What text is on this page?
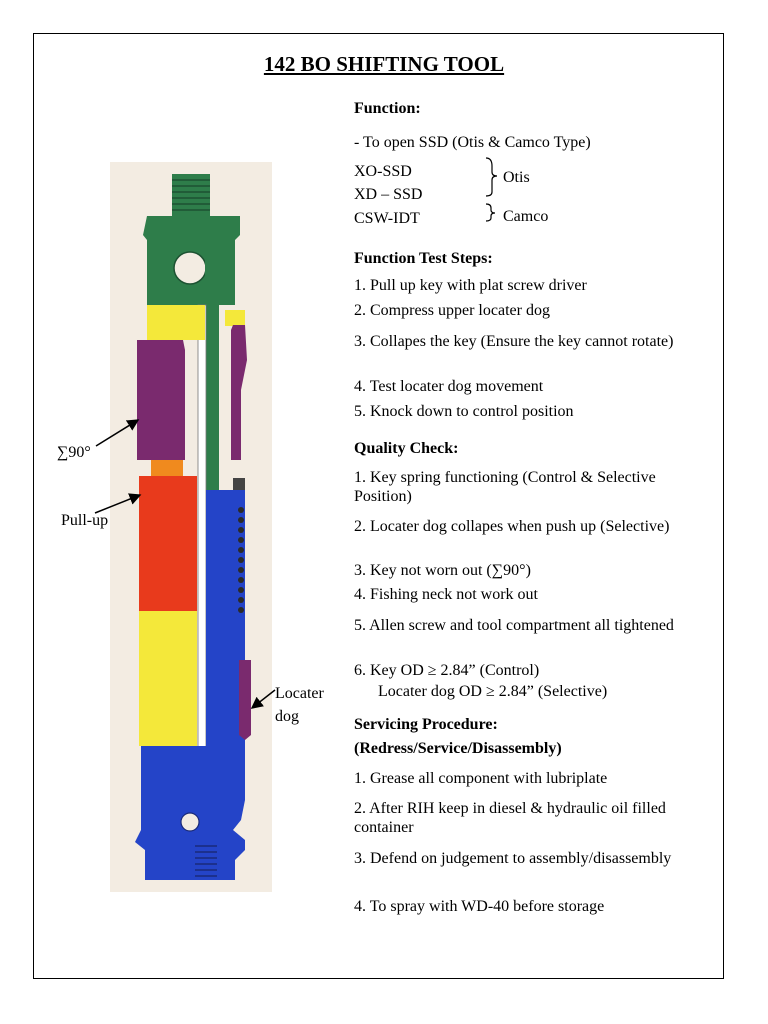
142 BO SHIFTING TOOL
Function:
- To open SSD (Otis & Camco Type)
XO-SSD
XD – SSD
CSW-IDT
Otis
Camco
Function Test Steps:
1. Pull up key with plat screw driver
2. Compress upper locater dog
3. Collapes the key (Ensure the key cannot rotate)
4. Test locater dog movement
5. Knock down to control position
Quality Check:
1. Key spring functioning (Control & Selective Position)
2. Locater dog collapes when push up (Selective)
3. Key not worn out (∑90°)
4. Fishing neck not work out
5. Allen screw and tool compartment all tightened
6. Key OD ≥ 2.84” (Control)
Locater dog OD ≥ 2.84” (Selective)
Servicing Procedure:
(Redress/Service/Disassembly)
1. Grease all component with lubriplate
2. After RIH keep in diesel & hydraulic oil filled container
3. Defend on judgement to assembly/disassembly
4. To spray with WD-40 before storage
∑90°
Pull-up
Locater
dog
